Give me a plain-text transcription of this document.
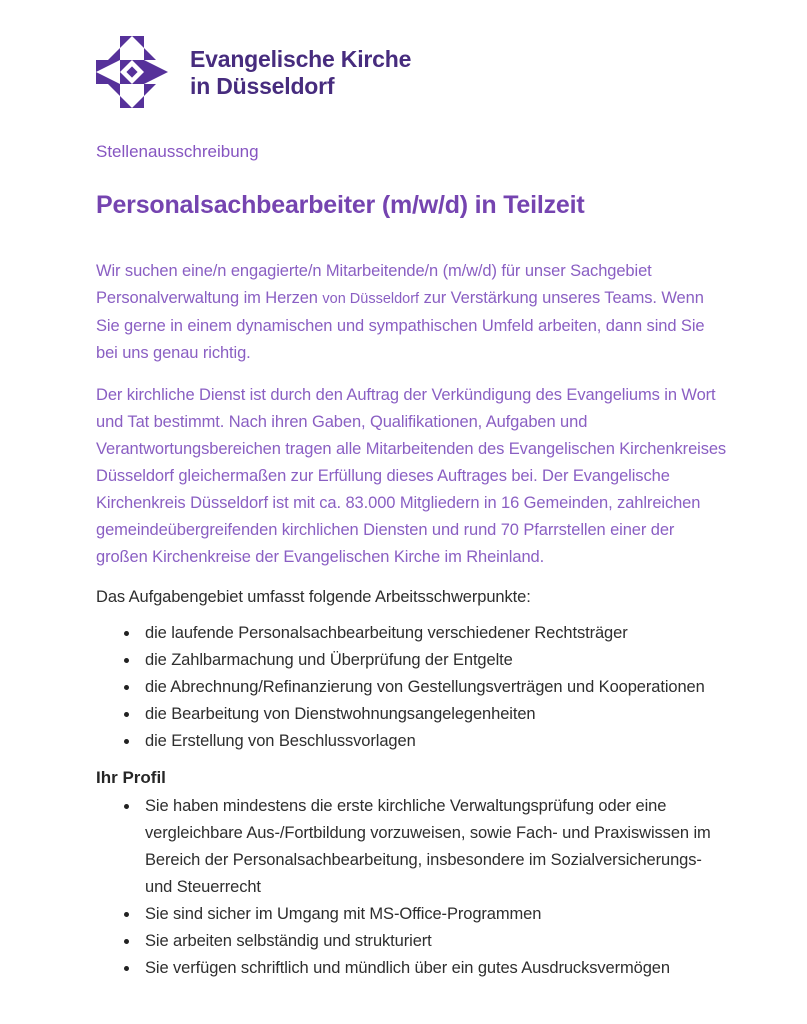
Evangelische Kirche
in Düsseldorf

Stellenausschreibung

Personalsachbearbeiter (m/w/d) in Teilzeit

Wir suchen eine/n engagierte/n Mitarbeitende/n (m/w/d) für unser Sachgebiet Personalverwaltung im Herzen von Düsseldorf zur Verstärkung unseres Teams. Wenn Sie gerne in einem dynamischen und sympathischen Umfeld arbeiten, dann sind Sie bei uns genau richtig.

Der kirchliche Dienst ist durch den Auftrag der Verkündigung des Evangeliums in Wort und Tat bestimmt. Nach ihren Gaben, Qualifikationen, Aufgaben und Verantwortungsbereichen tragen alle Mitarbeitenden des Evangelischen Kirchenkreises Düsseldorf gleichermaßen zur Erfüllung dieses Auftrages bei. Der Evangelische Kirchenkreis Düsseldorf ist mit ca. 83.000 Mitgliedern in 16 Gemeinden, zahlreichen gemeindeübergreifenden kirchlichen Diensten und rund 70 Pfarrstellen einer der großen Kirchenkreise der Evangelischen Kirche im Rheinland.

Das Aufgabengebiet umfasst folgende Arbeitsschwerpunkte:

die laufende Personalsachbearbeitung verschiedener Rechtsträger
die Zahlbarmachung und Überprüfung der Entgelte
die Abrechnung/Refinanzierung von Gestellungsverträgen und Kooperationen
die Bearbeitung von Dienstwohnungsangelegenheiten
die Erstellung von Beschlussvorlagen

Ihr Profil

Sie haben mindestens die erste kirchliche Verwaltungsprüfung oder eine vergleichbare Aus-/Fortbildung vorzuweisen, sowie Fach- und Praxiswissen im Bereich der Personalsachbearbeitung, insbesondere im Sozialversicherungs- und Steuerrecht
Sie sind sicher im Umgang mit MS-Office-Programmen
Sie arbeiten selbständig und strukturiert
Sie verfügen schriftlich und mündlich über ein gutes Ausdrucksvermögen
